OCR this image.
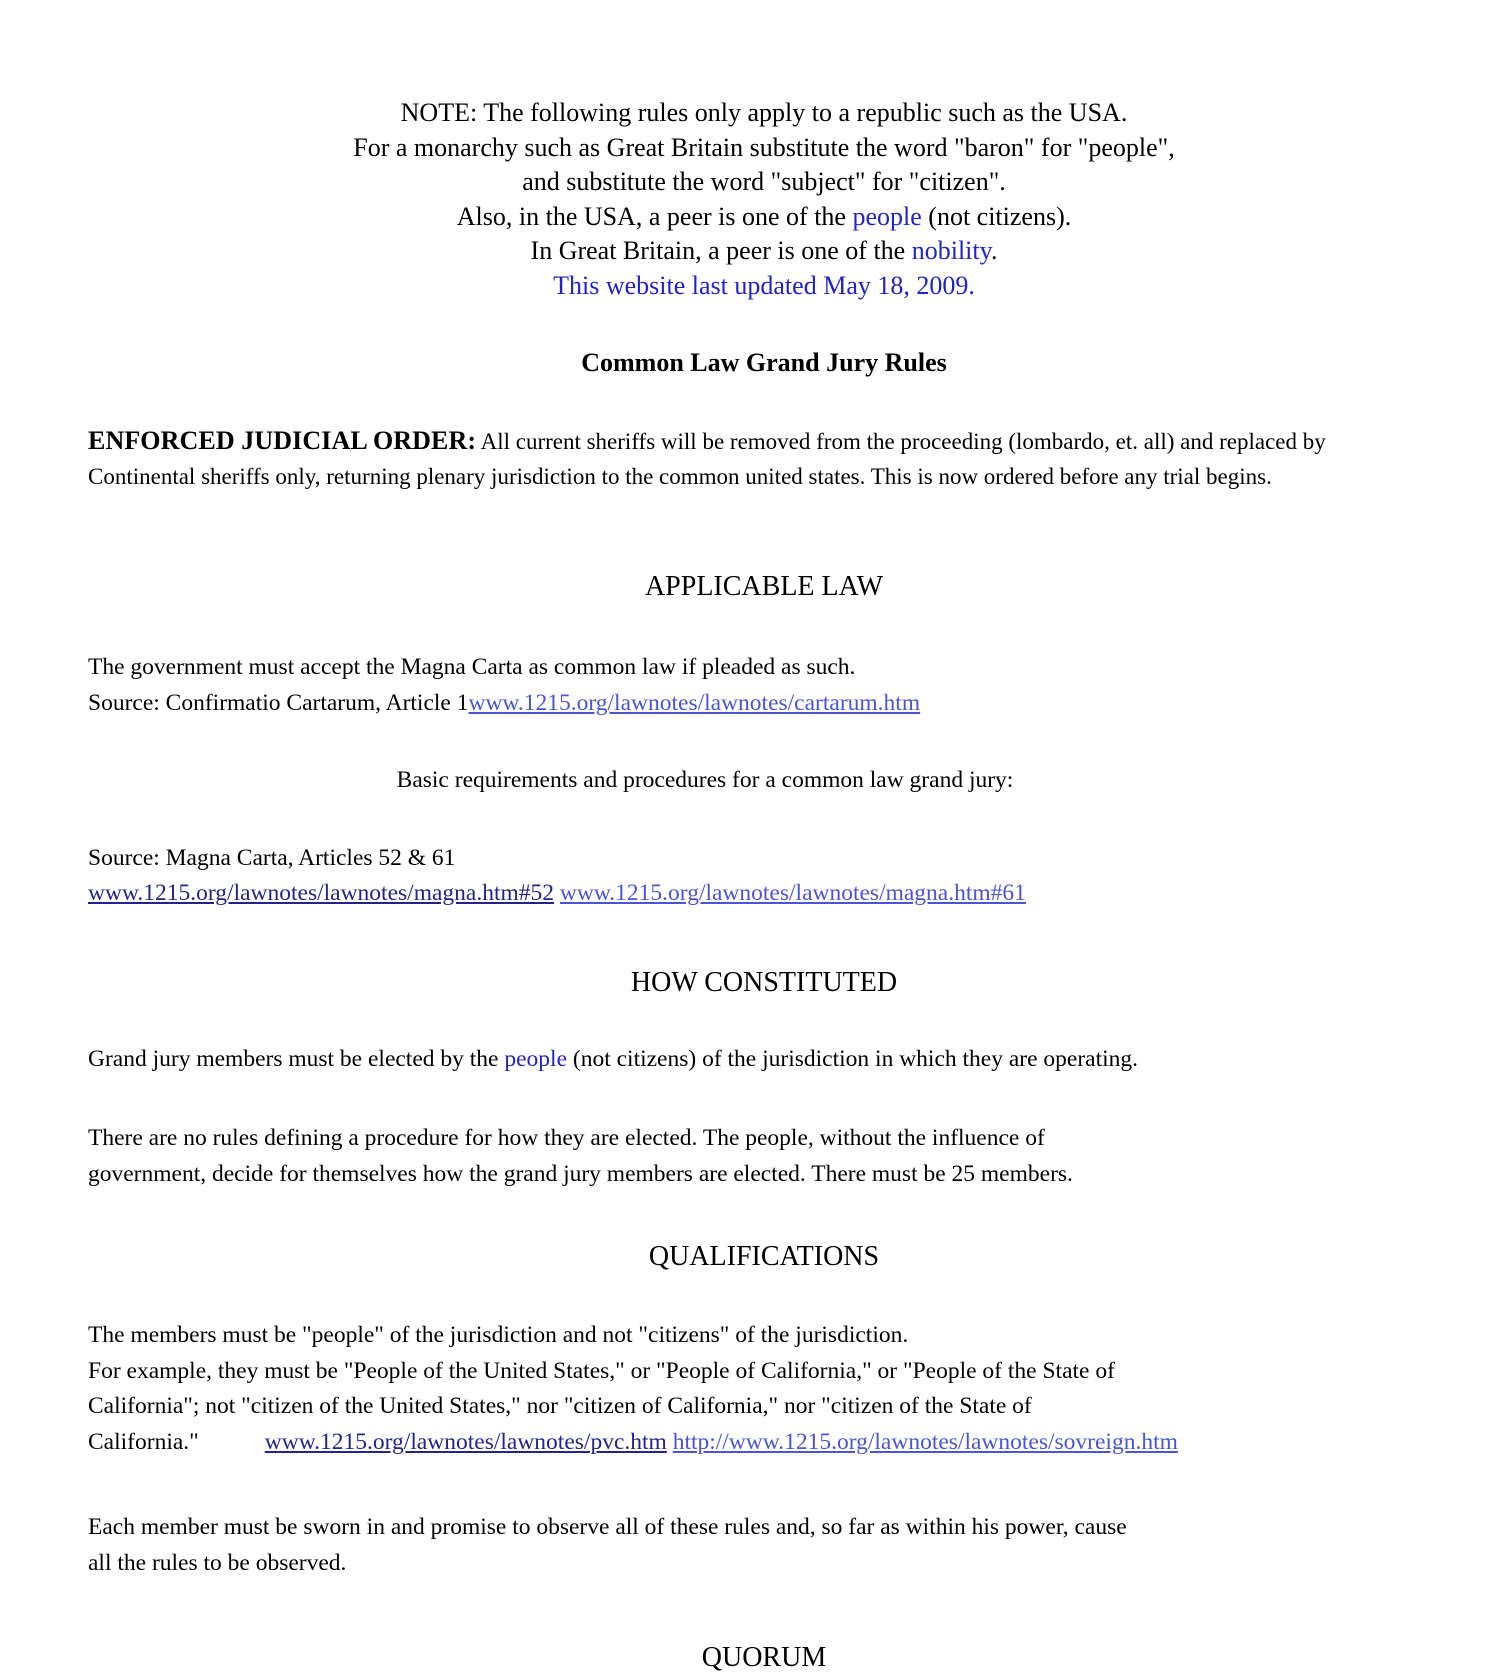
NOTE: The following rules only apply to a republic such as the USA.
For a monarchy such as Great Britain substitute the word "baron" for "people",
and substitute the word "subject" for "citizen".
Also, in the USA, a peer is one of the people (not citizens).
In Great Britain, a peer is one of the nobility.
This website last updated May 18, 2009.
Common Law Grand Jury Rules
ENFORCED JUDICIAL ORDER: All current sheriffs will be removed from the proceeding (lombardo, et. all) and replaced by Continental sheriffs only, returning plenary jurisdiction to the common united states. This is now ordered before any trial begins.
APPLICABLE LAW
The government must accept the Magna Carta as common law if pleaded as such.
Source: Confirmatio Cartarum, Article 1www.1215.org/lawnotes/lawnotes/cartarum.htm
Basic requirements and procedures for a common law grand jury:
Source: Magna Carta, Articles 52 & 61
www.1215.org/lawnotes/lawnotes/magna.htm#52 www.1215.org/lawnotes/lawnotes/magna.htm#61
HOW CONSTITUTED
Grand jury members must be elected by the people (not citizens) of the jurisdiction in which they are operating.
There are no rules defining a procedure for how they are elected. The people, without the influence of
government, decide for themselves how the grand jury members are elected. There must be 25 members.
QUALIFICATIONS
The members must be "people" of the jurisdiction and not "citizens" of the jurisdiction.
For example, they must be "People of the United States," or "People of California," or "People of the State of
California"; not "citizen of the United States," nor "citizen of California," nor "citizen of the State of
California."	www.1215.org/lawnotes/lawnotes/pvc.htm http://www.1215.org/lawnotes/lawnotes/sovreign.htm
Each member must be sworn in and promise to observe all of these rules and, so far as within his power, cause
all the rules to be observed.
QUORUM
